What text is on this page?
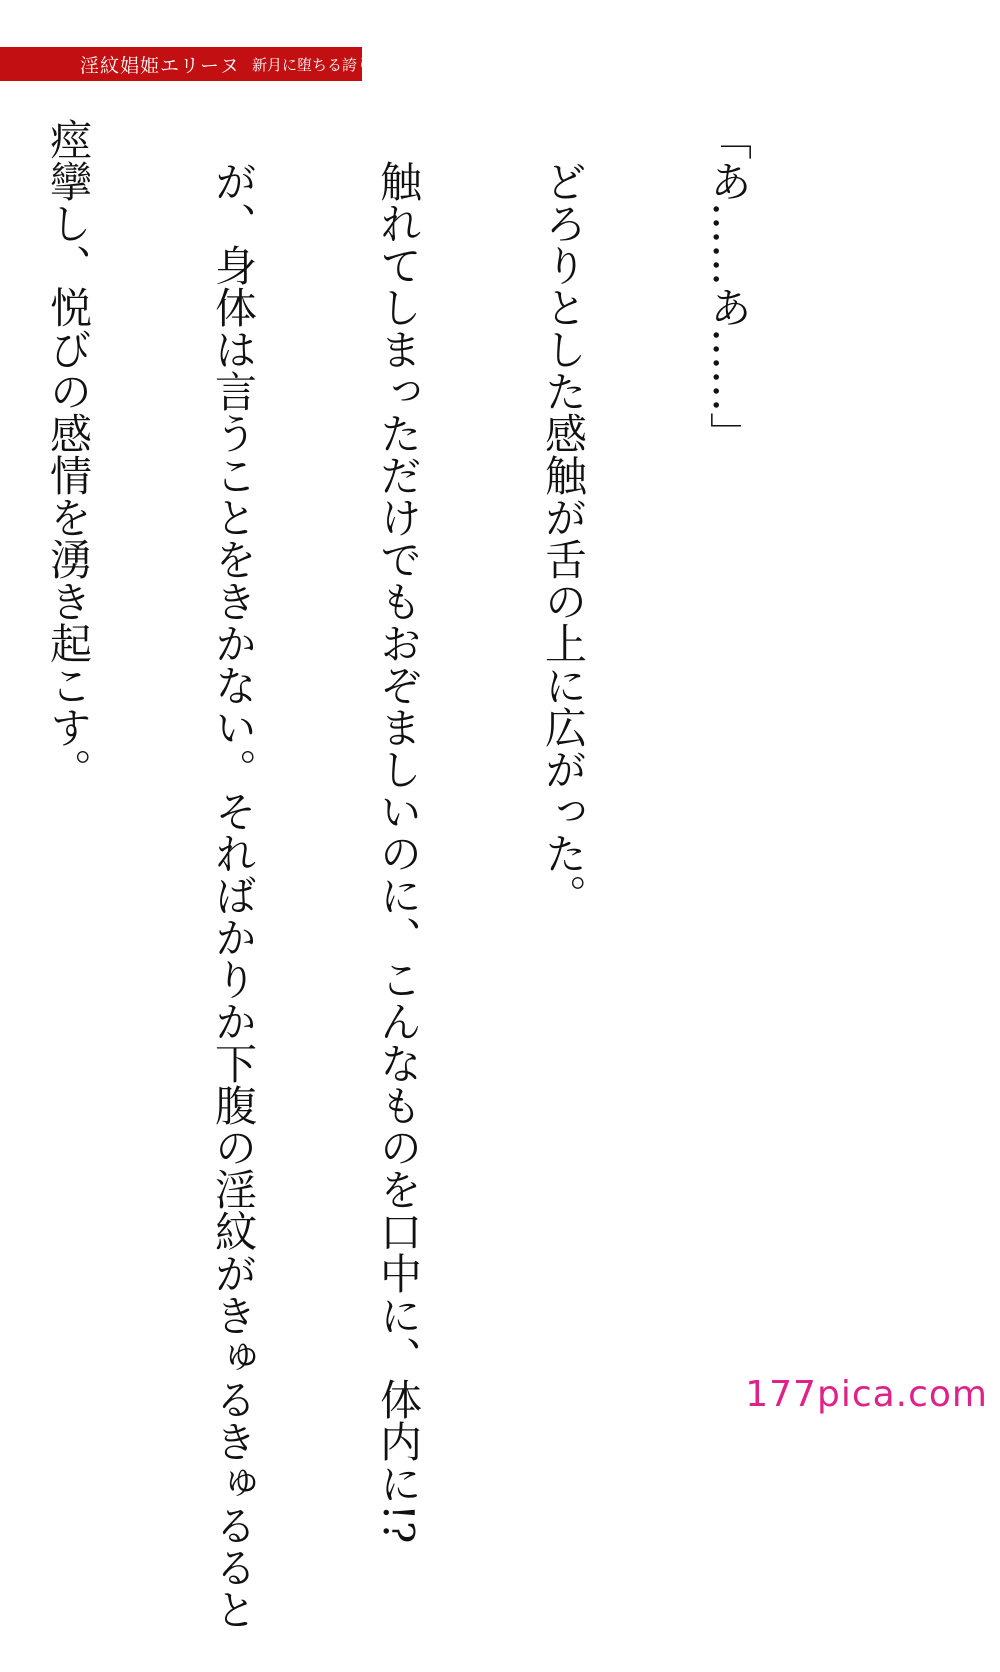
淫紋娼姫エリーヌ 新月に堕ちる誇り

「あ……あ……」

　どろりとした感触が舌の上に広がった。

　触れてしまっただけでもおぞましいのに、こんなものを口中に、体内に!?

　が、身体は言うことをきかない。そればかりか下腹の淫紋がきゅるきゅるると

痙攣し、悦びの感情を湧き起こす。

177pica.com
